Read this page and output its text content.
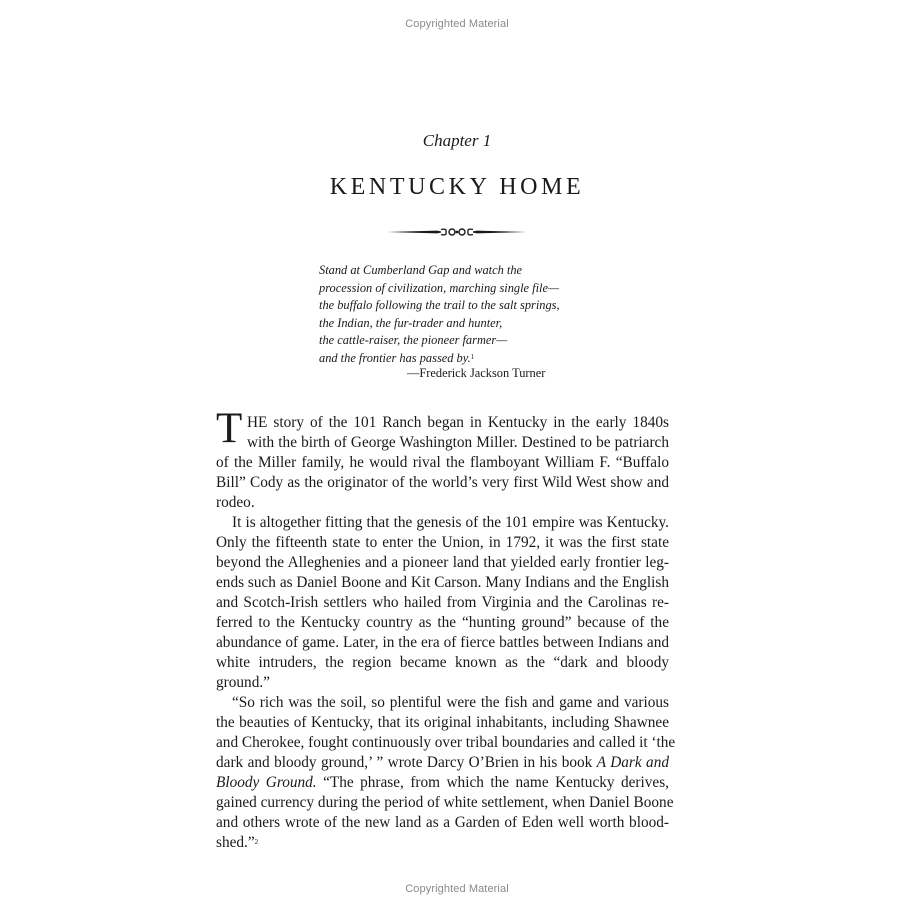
Copyrighted Material
Chapter 1
KENTUCKY HOME
Stand at Cumberland Gap and watch the
procession of civilization, marching single file—
the buffalo following the trail to the salt springs,
the Indian, the fur-trader and hunter,
the cattle-raiser, the pioneer farmer—
and the frontier has passed by.$^1$
—Frederick Jackson Turner
T HE story of the 101 Ranch began in Kentucky in the early 1840s
with the birth of George Washington Miller. Destined to be patriarch
of the Miller family, he would rival the flamboyant William F. “Buffalo
Bill” Cody as the originator of the world’s very first Wild West show and
rodeo.
It is altogether fitting that the genesis of the 101 empire was Kentucky.
Only the fifteenth state to enter the Union, in 1792, it was the first state
beyond the Alleghenies and a pioneer land that yielded early frontier leg-
ends such as Daniel Boone and Kit Carson. Many Indians and the English
and Scotch-Irish settlers who hailed from Virginia and the Carolinas re-
ferred to the Kentucky country as the “hunting ground” because of the
abundance of game. Later, in the era of fierce battles between Indians and
white intruders, the region became known as the “dark and bloody
ground.”
“So rich was the soil, so plentiful were the fish and game and various
the beauties of Kentucky, that its original inhabitants, including Shawnee
and Cherokee, fought continuously over tribal boundaries and called it ‘the
dark and bloody ground,’ ” wrote Darcy O’Brien in his book A Dark and
Bloody Ground. “The phrase, from which the name Kentucky derives,
gained currency during the period of white settlement, when Daniel Boone
and others wrote of the new land as a Garden of Eden well worth blood-
shed.”$^2$
Copyrighted Material
